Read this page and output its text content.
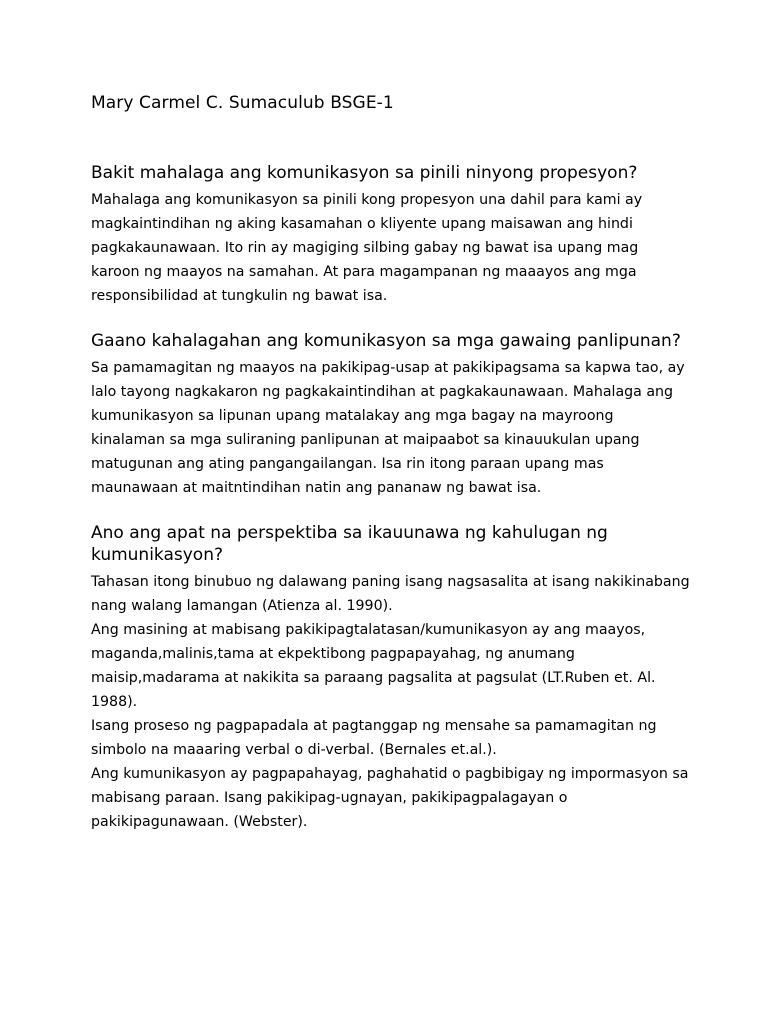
Mary Carmel C. Sumaculub BSGE-1
Bakit mahalaga ang komunikasyon sa pinili ninyong propesyon?

Mahalaga ang komunikasyon sa pinili kong propesyon una dahil para kami ay magkaintindihan ng aking kasamahan o kliyente upang maisawan ang hindi pagkakaunawaan. Ito rin ay magiging silbing gabay ng bawat isa upang mag karoon ng maayos na samahan. At para magampanan ng maaayos ang mga responsibilidad at tungkulin ng bawat isa.

Gaano kahalagahan ang komunikasyon sa mga gawaing panlipunan?

Sa pamamagitan ng maayos na pakikipag-usap at pakikipagsama sa kapwa tao, ay lalo tayong nagkakaron ng pagkakaintindihan at pagkakaunawaan. Mahalaga ang kumunikasyon sa lipunan upang matalakay ang mga bagay na mayroong kinalaman sa mga suliraning panlipunan at maipaabot sa kinauukulan upang matugunan ang ating pangangailangan. Isa rin itong paraan upang mas maunawaan at maitntindihan natin ang pananaw ng bawat isa.

Ano ang apat na perspektiba sa ikauunawa ng kahulugan ng kumunikasyon?

Tahasan itong binubuo ng dalawang paning isang nagsasalita at isang nakikinabang nang walang lamangan (Atienza al. 1990).

Ang masining at mabisang pakikipagtalatasan/kumunikasyon ay ang maayos, maganda,malinis,tama at ekpektibong pagpapayahag, ng anumang maisip,madarama at nakikita sa paraang pagsalita at pagsulat (LT.Ruben et. Al. 1988).

Isang proseso ng pagpapadala at pagtanggap ng mensahe sa pamamagitan ng simbolo na maaaring verbal o di-verbal. (Bernales et.al.).

Ang kumunikasyon ay pagpapahayag, paghahatid o pagbibigay ng impormasyon sa mabisang paraan. Isang pakikipag-ugnayan, pakikipagpalagayan o pakikipagunawaan. (Webster).
